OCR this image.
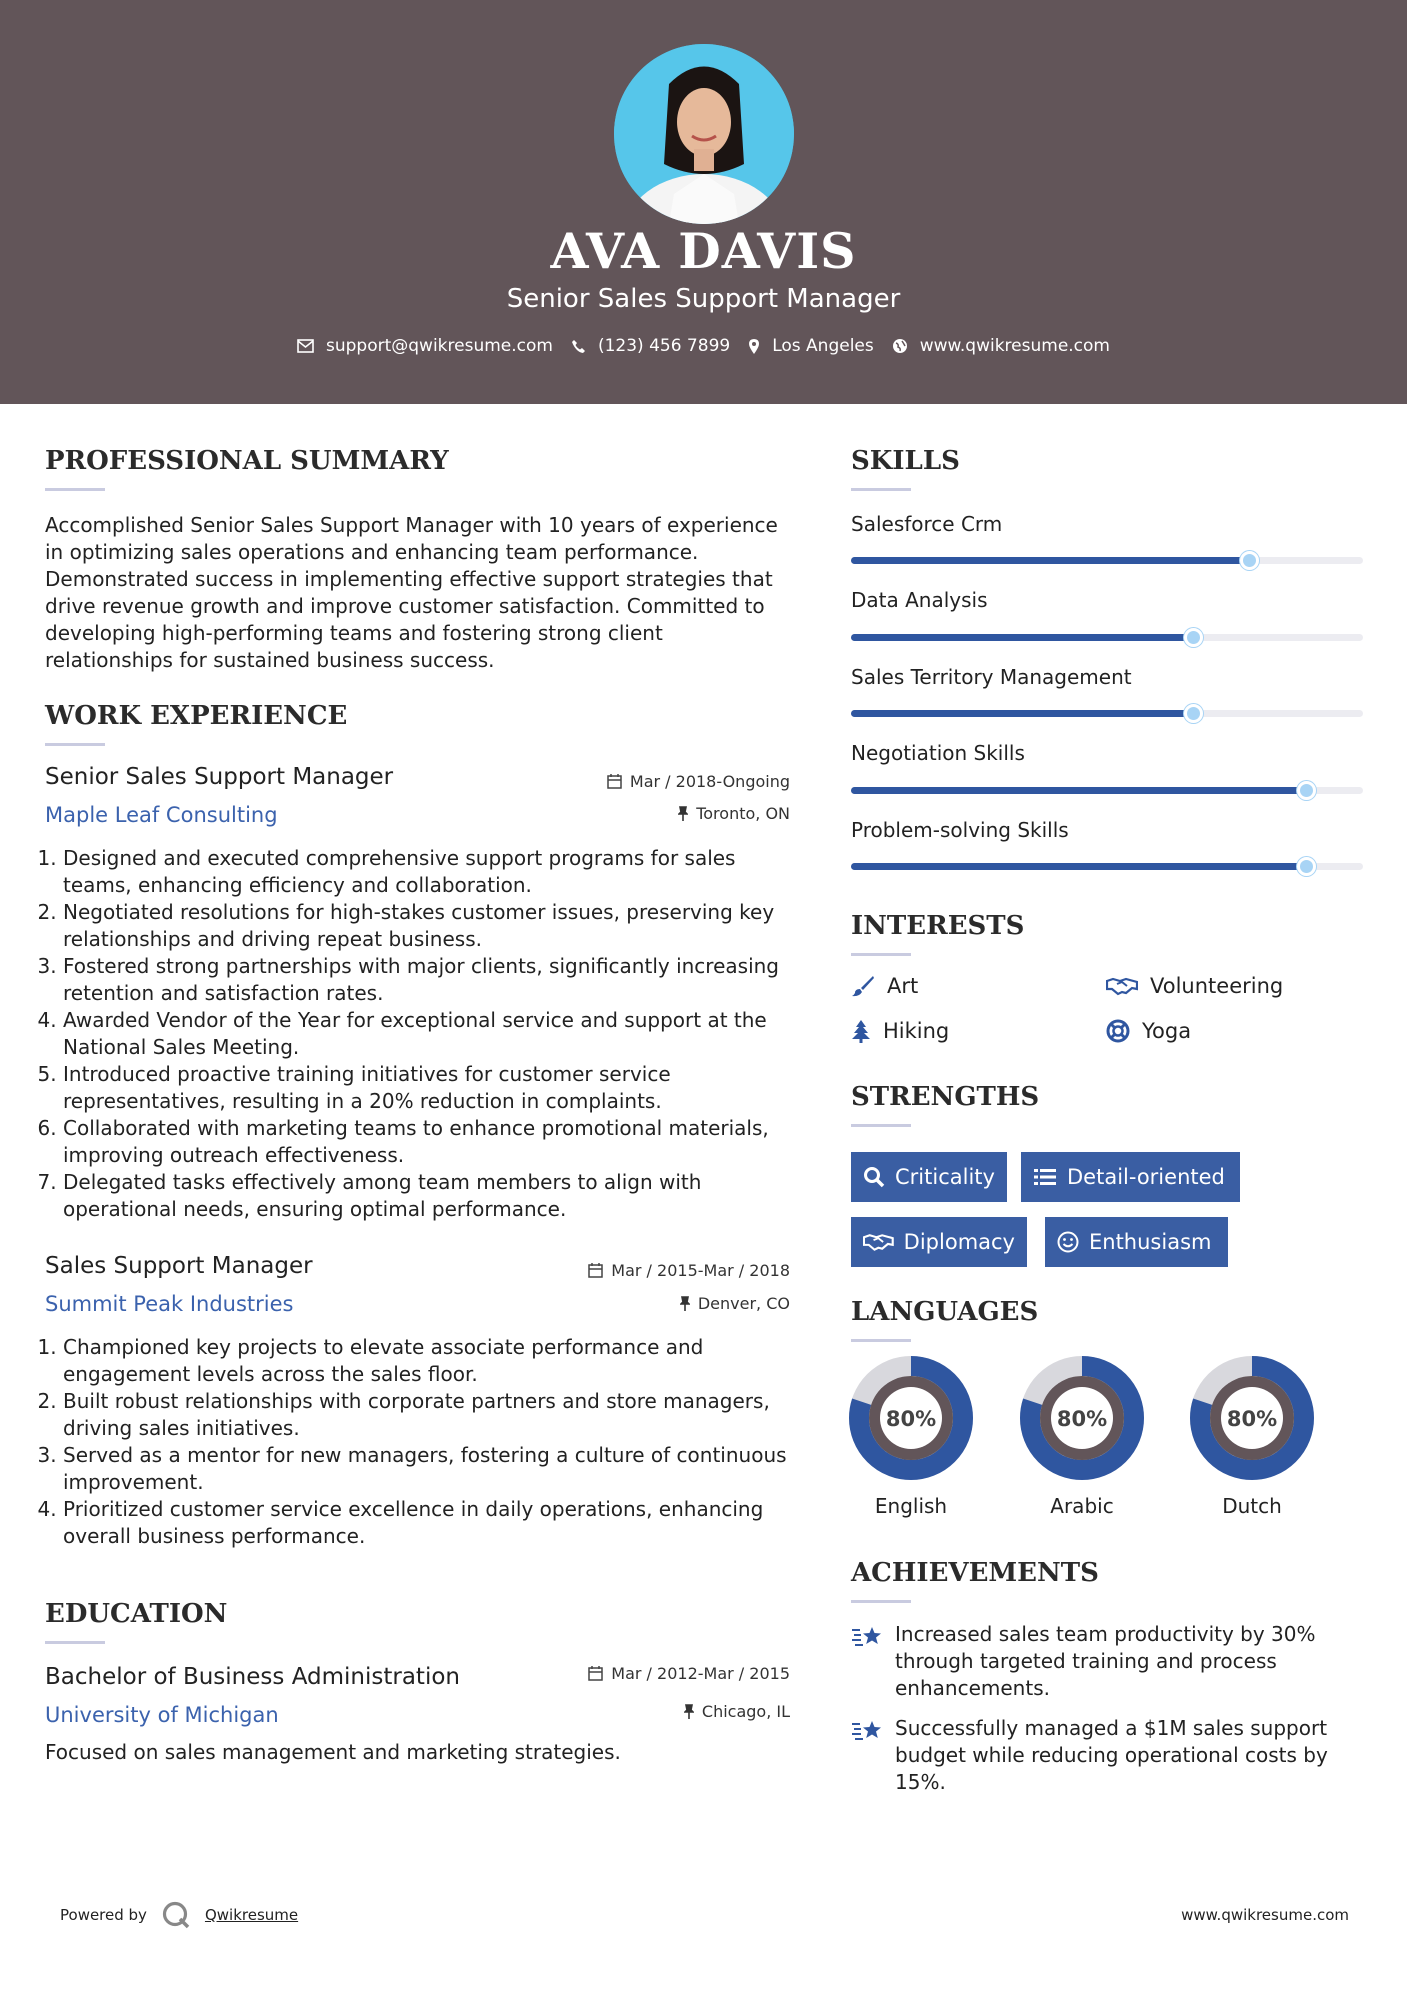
AVA DAVIS
Senior Sales Support Manager
support@qwikresume.com	(123) 456 7899 Los Angeles	www.qwikresume.com
PROFESSIONAL SUMMARY
Accomplished Senior Sales Support Manager with 10 years of experience in optimizing sales operations and enhancing team performance. Demonstrated success in implementing effective support strategies that drive revenue growth and improve customer satisfaction. Committed to developing high-performing teams and fostering strong client relationships for sustained business success.
WORK EXPERIENCE
Senior Sales Support Manager	Mar / 2018-Ongoing
Maple Leaf Consulting	Toronto, ON
1. Designed and executed comprehensive support programs for sales teams, enhancing efficiency and collaboration.
2. Negotiated resolutions for high-stakes customer issues, preserving key relationships and driving repeat business.
3. Fostered strong partnerships with major clients, significantly increasing retention and satisfaction rates.
4. Awarded Vendor of the Year for exceptional service and support at the National Sales Meeting.
5. Introduced proactive training initiatives for customer service representatives, resulting in a 20% reduction in complaints.
6. Collaborated with marketing teams to enhance promotional materials, improving outreach effectiveness.
7. Delegated tasks effectively among team members to align with operational needs, ensuring optimal performance.
Sales Support Manager	Mar / 2015-Mar / 2018
Summit Peak Industries	Denver, CO
1. Championed key projects to elevate associate performance and engagement levels across the sales floor.
2. Built robust relationships with corporate partners and store managers, driving sales initiatives.
3. Served as a mentor for new managers, fostering a culture of continuous improvement.
4. Prioritized customer service excellence in daily operations, enhancing overall business performance.
EDUCATION
Bachelor of Business Administration	Mar / 2012-Mar / 2015
University of Michigan	Chicago, IL
Focused on sales management and marketing strategies.
SKILLS
Salesforce Crm
Data Analysis
Sales Territory Management
Negotiation Skills
Problem-solving Skills
INTERESTS
Art	Volunteering
Hiking	Yoga
STRENGTHS
Criticality	Detail-oriented
Diplomacy	Enthusiasm
LANGUAGES
80%
English
80%
Arabic
80%
Dutch
ACHIEVEMENTS
Increased sales team productivity by 30% through targeted training and process enhancements.
Successfully managed a $1M sales support budget while reducing operational costs by 15%.
Powered by	Qwikresume	www.qwikresume.com
